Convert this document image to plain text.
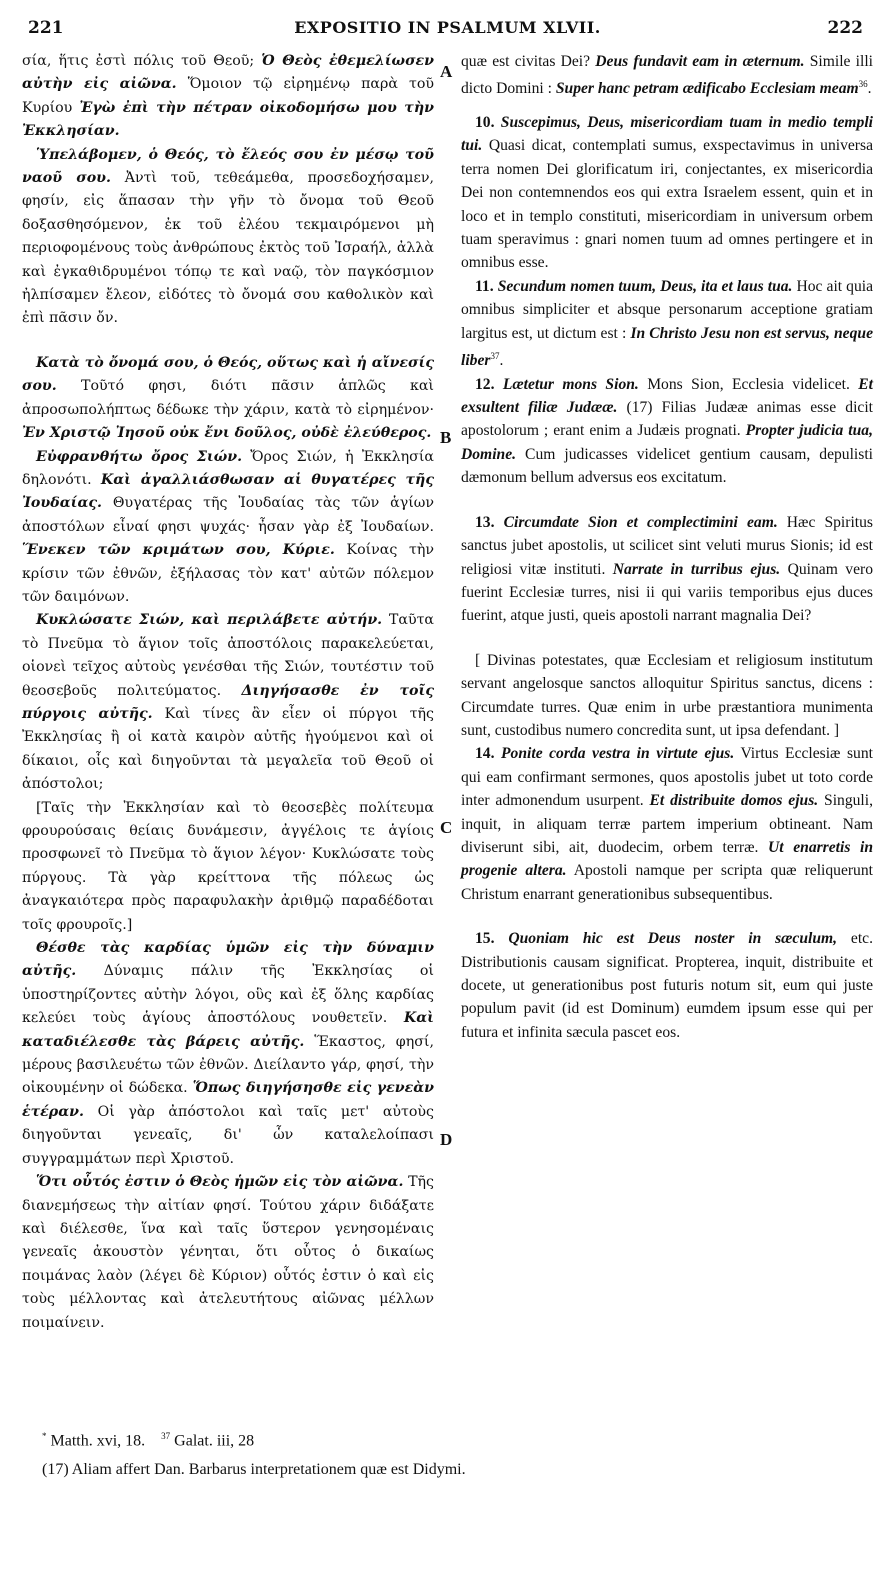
221	EXPOSITIO IN PSALMUM XLVII.	222
A
B
C
D

σία, ἥτις ἐστὶ πόλις τοῦ Θεοῦ; Ὁ Θεὸς ἐθεμελίωσεν αὐτὴν εἰς αἰῶνα. Ὅμοιον τῷ εἰρημένῳ παρὰ τοῦ Κυρίου Ἐγὼ ἐπὶ τὴν πέτραν οἰκοδομήσω μου τὴν Ἐκκλησίαν.

Ὑπελάβομεν, ὁ Θεός, τὸ ἔλεός σου ἐν μέσῳ τοῦ ναοῦ σου. Ἀντὶ τοῦ, τεθεάμεθα, προσεδοχήσαμεν, φησίν, εἰς ἅπασαν τὴν γῆν τὸ ὄνομα τοῦ Θεοῦ δοξασθησόμενον, ἐκ τοῦ ἐλέου τεκμαιρόμενοι μὴ περιοφομένους τοὺς ἀνθρώπους ἐκτὸς τοῦ Ἰσραήλ, ἀλλὰ καὶ ἐγκαθιδρυμένοι τόπῳ τε καὶ ναῷ, τὸν παγκόσμιον ἠλπίσαμεν ἔλεον, εἰδότες τὸ ὄνομά σου καθολικὸν καὶ ἐπὶ πᾶσιν ὄν.

Κατὰ τὸ ὄνομά σου, ὁ Θεός, οὕτως καὶ ἡ αἴνεσίς σου. Τοῦτό φησι, διότι πᾶσιν ἁπλῶς καὶ ἀπροσωπολήπτως δέδωκε τὴν χάριν, κατὰ τὸ εἰρημένον· Ἐν Χριστῷ Ἰησοῦ οὐκ ἔνι δοῦλος, οὐδὲ ἐλεύθερος.

Εὐφρανθήτω ὄρος Σιών. Ὄρος Σιών, ἡ Ἐκκλησία δηλονότι. Καὶ ἀγαλλιάσθωσαν αἱ θυγατέρες τῆς Ἰουδαίας. Θυγατέρας τῆς Ἰουδαίας τὰς τῶν ἁγίων ἀποστόλων εἶναί φησι ψυχάς· ἦσαν γὰρ ἐξ Ἰουδαίων. Ἕνεκεν τῶν κριμάτων σου, Κύριε. Κοίνας τὴν κρίσιν τῶν ἐθνῶν, ἐξήλασας τὸν κατ' αὐτῶν πόλεμον τῶν δαιμόνων.

Κυκλώσατε Σιών, καὶ περιλάβετε αὐτήν. Ταῦτα τὸ Πνεῦμα τὸ ἅγιον τοῖς ἀποστόλοις παρακελεύεται, οἱονεὶ τεῖχος αὐτοὺς γενέσθαι τῆς Σιών, τουτέστιν τοῦ θεοσεβοῦς πολιτεύματος. Διηγήσασθε ἐν τοῖς πύργοις αὐτῆς. Καὶ τίνες ἂν εἶεν οἱ πύργοι τῆς Ἐκκλησίας ἢ οἱ κατὰ καιρὸν αὐτῆς ἡγούμενοι καὶ οἱ δίκαιοι, οἷς καὶ διηγοῦνται τὰ μεγαλεῖα τοῦ Θεοῦ οἱ ἀπόστολοι;

[Ταῖς τὴν Ἐκκλησίαν καὶ τὸ θεοσεβὲς πολίτευμα φρουρούσαις θείαις δυνάμεσιν, ἀγγέλοις τε ἁγίοις προσφωνεῖ τὸ Πνεῦμα τὸ ἅγιον λέγον· Κυκλώσατε τοὺς πύργους. Τὰ γὰρ κρείττονα τῆς πόλεως ὡς ἀναγκαιότερα πρὸς παραφυλακὴν ἀριθμῷ παραδέδοται τοῖς φρουροῖς.]

Θέσθε τὰς καρδίας ὑμῶν εἰς τὴν δύναμιν αὐτῆς. Δύναμις πάλιν τῆς Ἐκκλησίας οἱ ὑποστηρίζοντες αὐτὴν λόγοι, οὓς καὶ ἐξ ὅλης καρδίας κελεύει τοὺς ἁγίους ἀποστόλους νουθετεῖν. Καὶ καταδιέλεσθε τὰς βάρεις αὐτῆς. Ἕκαστος, φησί, μέρους βασιλευέτω τῶν ἐθνῶν. Διείλαντο γάρ, φησί, τὴν οἰκουμένην οἱ δώδεκα. Ὅπως διηγήσησθε εἰς γενεὰν ἑτέραν. Οἱ γὰρ ἀπόστολοι καὶ ταῖς μετ' αὐτοὺς διηγοῦνται γενεαῖς, δι' ὧν καταλελοίπασι συγγραμμάτων περὶ Χριστοῦ.

Ὅτι οὗτός ἐστιν ὁ Θεὸς ἡμῶν εἰς τὸν αἰῶνα. Τῆς διανεμήσεως τὴν αἰτίαν φησί. Τούτου χάριν διδάξατε καὶ διέλεσθε, ἵνα καὶ ταῖς ὕστερον γενησομέναις γενεαῖς ἀκουστὸν γένηται, ὅτι οὗτος ὁ δικαίως ποιμάνας λαὸν (λέγει δὲ Κύριον) οὗτός ἐστιν ὁ καὶ εἰς τοὺς μέλλοντας καὶ ἀτελευτήτους αἰῶνας μέλλων ποιμαίνειν.

quæ est civitas Dei? Deus fundavit eam in æternum. Simile illi dicto Domini : Super hanc petram ædificabo Ecclesiam meam$^{36}$.

10. Suscepimus, Deus, misericordiam tuam in medio templi tui. Quasi dicat, contemplati sumus, exspectavimus in universa terra nomen Dei glorificatum iri, conjectantes, ex misericordia Dei non contemnendos eos qui extra Israelem essent, quin et in loco et in templo constituti, misericordiam in universum orbem tuam speravimus : gnari nomen tuum ad omnes pertingere et in omnibus esse.

11. Secundum nomen tuum, Deus, ita et laus tua. Hoc ait quia omnibus simpliciter et absque personarum acceptione gratiam largitus est, ut dictum est : In Christo Jesu non est servus, neque liber$^{37}$.

12. Lætetur mons Sion. Mons Sion, Ecclesia videlicet. Et exsultent filiæ Judææ. (17) Filias Judææ animas esse dicit apostolorum ; erant enim a Judæis prognati. Propter judicia tua, Domine. Cum judicasses videlicet gentium causam, depulisti dæmonum bellum adversus eos excitatum.

13. Circumdate Sion et complectimini eam. Hæc Spiritus sanctus jubet apostolis, ut scilicet sint veluti murus Sionis; id est religiosi vitæ instituti. Narrate in turribus ejus. Quinam vero fuerint Ecclesiæ turres, nisi ii qui variis temporibus ejus duces fuerint, atque justi, queis apostoli narrant magnalia Dei?

[ Divinas potestates, quæ Ecclesiam et religiosum institutum servant angelosque sanctos alloquitur Spiritus sanctus, dicens : Circumdate turres. Quæ enim in urbe præstantiora munimenta sunt, custodibus numero concredita sunt, ut ipsa defendant. ]

14. Ponite corda vestra in virtute ejus. Virtus Ecclesiæ sunt qui eam confirmant sermones, quos apostolis jubet ut toto corde inter admonendum usurpent. Et distribuite domos ejus. Singuli, inquit, in aliquam terræ partem imperium obtineant. Nam diviserunt sibi, ait, duodecim, orbem terræ. Ut enarretis in progenie altera. Apostoli namque per scripta quæ reliquerunt Christum enarrant generationibus subsequentibus.

15. Quoniam hic est Deus noster in sæculum, etc. Distributionis causam significat. Propterea, inquit, distribuite et docete, ut generationibus post futuris notum sit, eum qui juste populum pavit (id est Dominum) eumdem ipsum esse qui per futura et infinita sæcula pascet eos.

* Matth. xvi, 18. $^{37}$ Galat. iii, 28
(17) Aliam affert Dan. Barbarus interpretationem quæ est Didymi.
